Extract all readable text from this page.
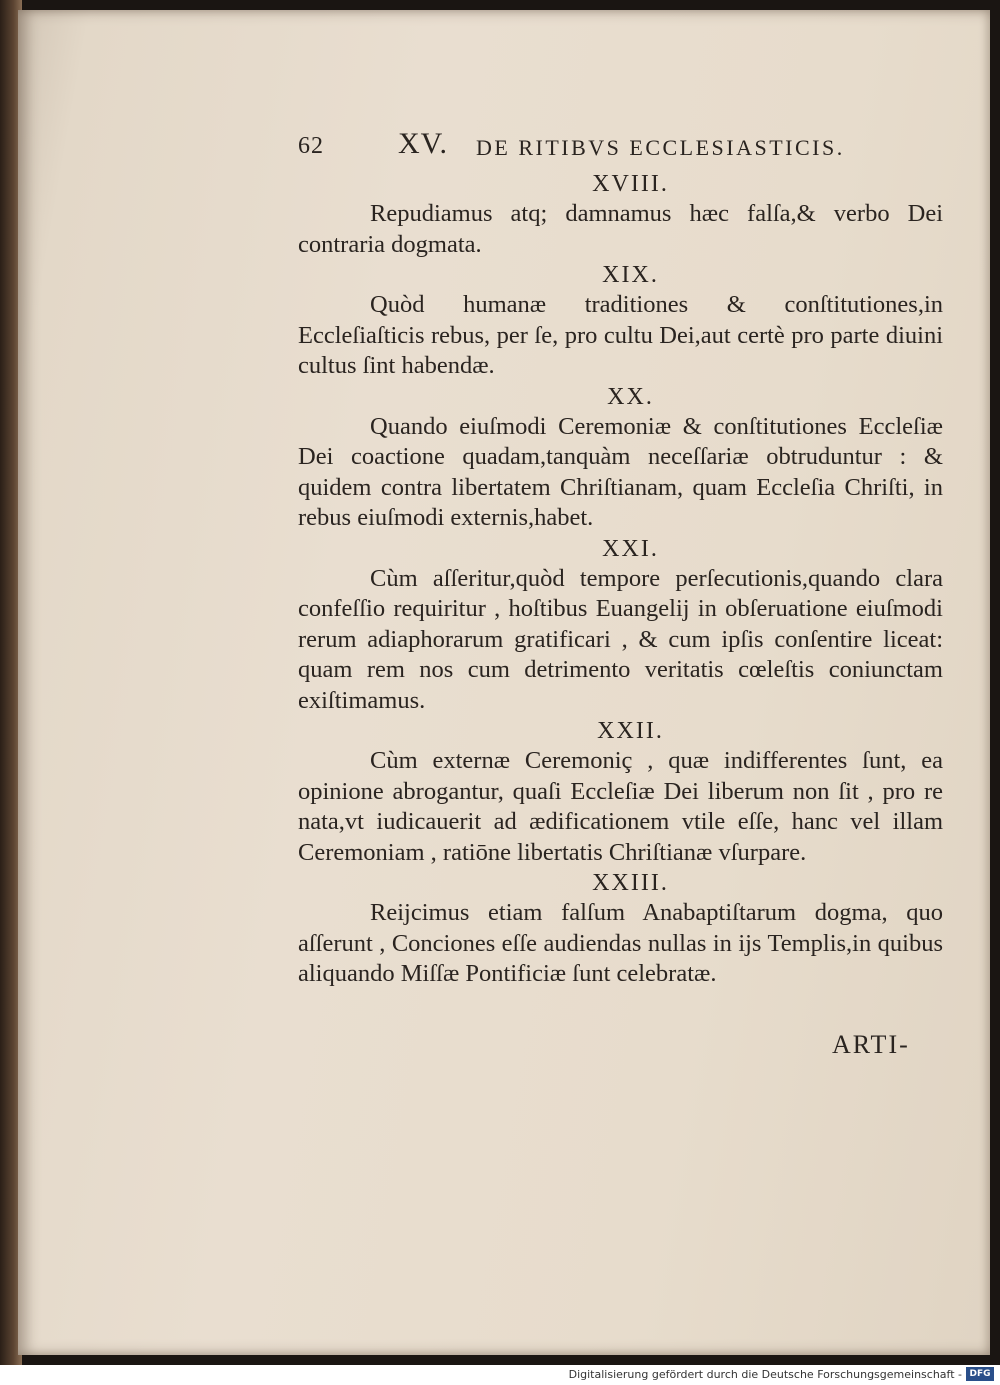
62 XV. DE RITIBVS ECCLESIASTICIS.
XVIII.

Repudiamus atq; damnamus hæc falſa,& verbo Dei contraria dogmata.

XIX.

Quòd humanæ traditiones & conſtitutiones,in Eccleſiaſticis rebus, per ſe, pro cultu Dei,aut certè pro parte diuini cultus ſint habendæ.

XX.

Quando eiuſmodi Ceremoniæ & conſtitutiones Eccleſiæ Dei coactione quadam,tanquàm neceſſariæ obtruduntur : & quidem contra libertatem Chriſtianam, quam Eccleſia Chriſti, in rebus eiuſmodi externis,habet.

XXI.

Cùm aſſeritur,quòd tempore perſecutionis,quando clara confeſſio requiritur , hoſtibus Euangelij in obſeruatione eiuſmodi rerum adiaphorarum gratificari , & cum ipſis conſentire liceat: quam rem nos cum detrimento veritatis cœleſtis coniunctam exiſtimamus.

XXII.

Cùm externæ Ceremoniç , quæ indifferentes ſunt, ea opinione abrogantur, quaſi Eccleſiæ Dei liberum non ſit , pro re nata,vt iudicauerit ad ædificationem vtile eſſe, hanc vel illam Ceremoniam , ratiōne libertatis Chriſtianæ vſurpare.

XXIII.

Reijcimus etiam falſum Anabaptiſtarum dogma, quo aſſerunt , Conciones eſſe audiendas nullas in ijs Templis,in quibus aliquando Miſſæ Pontificiæ ſunt celebratæ.

ARTI-
Digitalisierung gefördert durch die Deutsche Forschungsgemeinschaft - DFG
